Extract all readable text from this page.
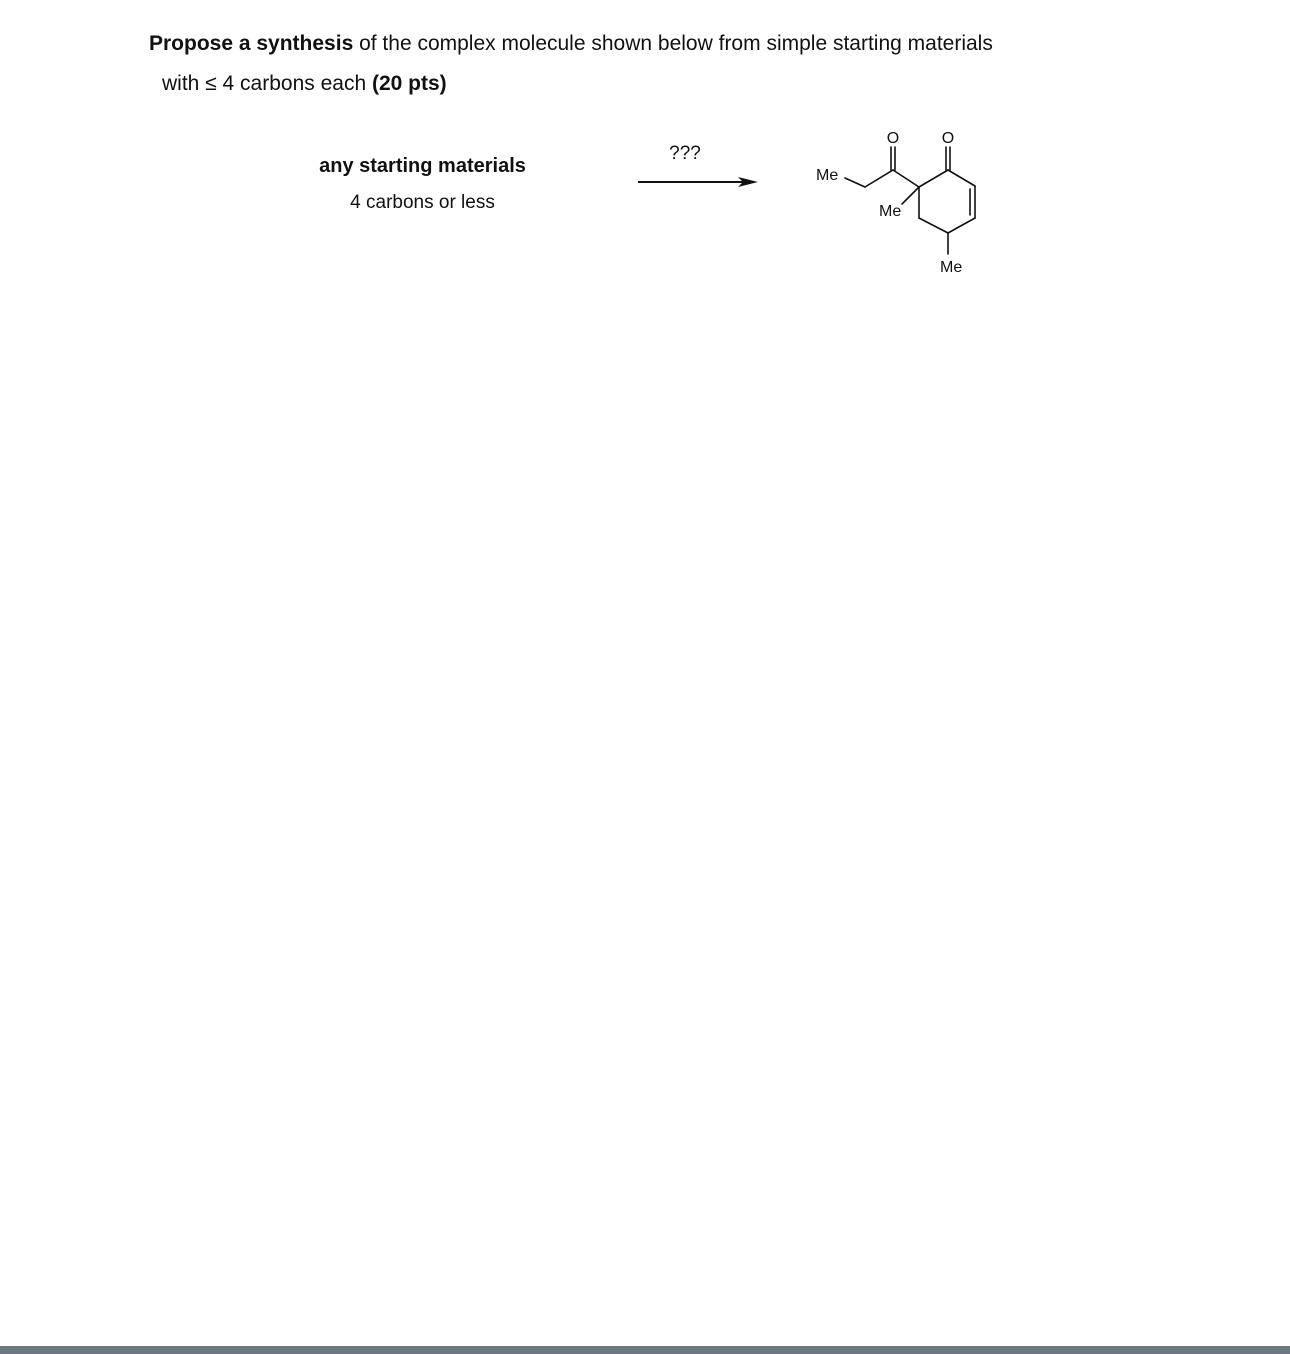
Propose a synthesis of the complex molecule shown below from simple starting materials
with ≤ 4 carbons each (20 pts)
any starting materials
4 carbons or less
???
O	O
Me
Me
Me
